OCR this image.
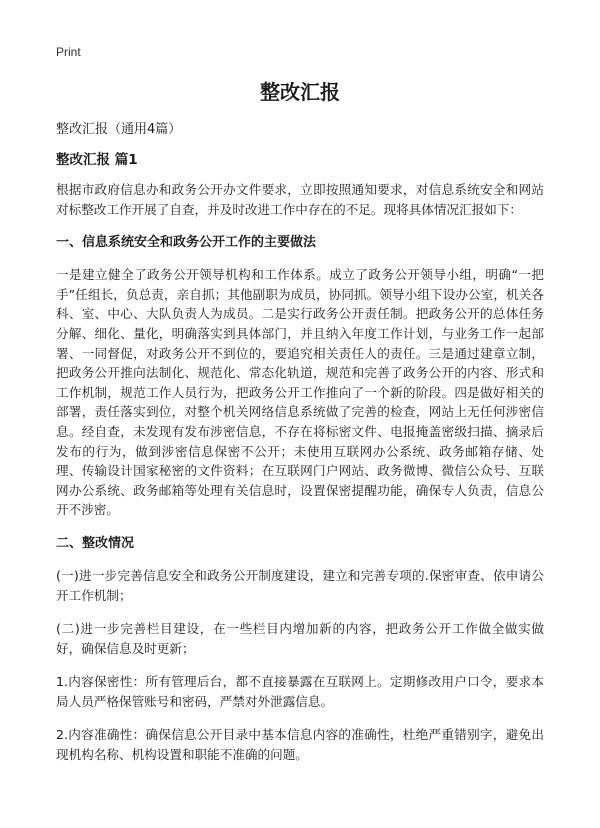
Print
整改汇报
整改汇报（通用4篇）
整改汇报 篇1

根据市政府信息办和政务公开办文件要求，立即按照通知要求，对信息系统安全和网站对标整改工作开展了自查，并及时改进工作中存在的不足。现将具体情况汇报如下：

一、信息系统安全和政务公开工作的主要做法

一是建立健全了政务公开领导机构和工作体系。成立了政务公开领导小组，明确“一把手”任组长，负总责，亲自抓；其他副职为成员，协同抓。领导小组下设办公室，机关各科、室、中心、大队负责人为成员。二是实行政务公开责任制。把政务公开的总体任务分解、细化、量化，明确落实到具体部门，并且纳入年度工作计划，与业务工作一起部署、一同督促，对政务公开不到位的，要追究相关责任人的责任。三是通过建章立制，把政务公开推向法制化、规范化、常态化轨道，规范和完善了政务公开的内容、形式和工作机制，规范工作人员行为，把政务公开工作推向了一个新的阶段。四是做好相关的部署，责任落实到位，对整个机关网络信息系统做了完善的检查，网站上无任何涉密信息。经自查，未发现有发布涉密信息，不存在将标密文件、电报掩盖密级扫描、摘录后发布的行为，做到涉密信息保密不公开；未使用互联网办公系统、政务邮箱存储、处理、传输设计国家秘密的文件资料；在互联网门户网站、政务微博、微信公众号、互联网办公系统、政务邮箱等处理有关信息时，设置保密提醒功能，确保专人负责，信息公开不涉密。

二、整改情况

(一)进一步完善信息安全和政务公开制度建设，建立和完善专项的.保密审查、依申请公开工作机制；

(二)进一步完善栏目建设，在一些栏目内增加新的内容，把政务公开工作做全做实做好，确保信息及时更新；

1.内容保密性：所有管理后台，都不直接暴露在互联网上。定期修改用户口令，要求本局人员严格保管账号和密码，严禁对外泄露信息。

2.内容准确性：确保信息公开目录中基本信息内容的准确性，杜绝严重错别字，避免出现机构名称、机构设置和职能不准确的问题。
